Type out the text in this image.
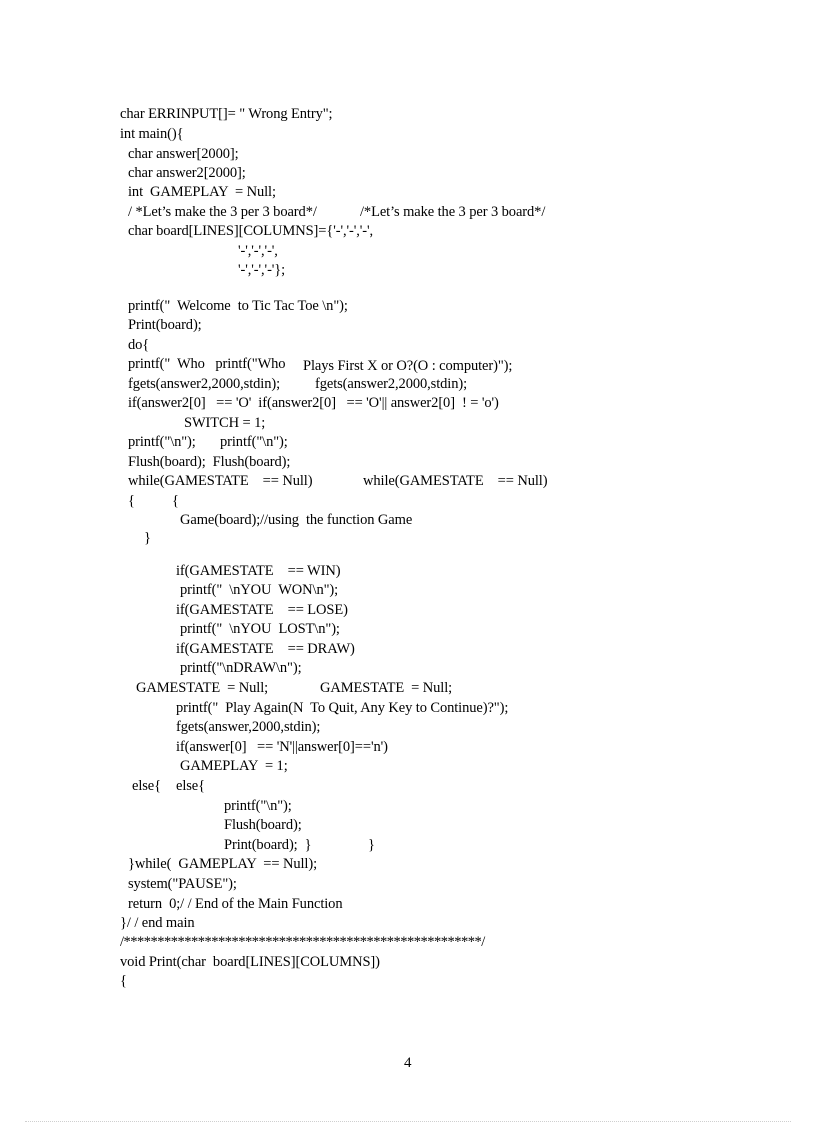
char ERRINPUT[]= " Wrong Entry";

int main(){

char answer[2000];

char answer2[2000];

int  GAMEPLAY  = Null;

/ *Let’s make the 3 per 3 board*/

	/*Let’s make the 3 per 3 board*/

char board[LINES][COLUMNS]={'-','-','-',

'-','-','-',

'-','-','-'};

printf("  Welcome  to Tic Tac Toe \n");

Print(board);

do{

printf("  Who   printf("Who

Plays First X or O?(O : computer)");

fgets(answer2,2000,stdin);

fgets(answer2,2000,stdin);

if(answer2[0]   == 'O'  if(answer2[0]   == 'O'|| answer2[0]  ! = 'o')

SWITCH = 1;

printf("\n");

printf("\n");

Flush(board);  Flush(board);

while(GAMESTATE    == Null)

	while(GAMESTATE    == Null)

{

	{

Game(board);//using  the function Game

}

if(GAMESTATE    == WIN)

printf("  \nYOU  WON\n");

if(GAMESTATE    == LOSE)

printf("  \nYOU  LOST\n");

if(GAMESTATE    == DRAW)

printf("\nDRAW\n");

GAMESTATE  = Null;

	GAMESTATE  = Null;

printf("  Play Again(N  To Quit, Any Key to Continue)?");

fgets(answer,2000,stdin);

if(answer[0]   == 'N'||answer[0]=='n')

GAMEPLAY  = 1;

else{

else{

printf("\n");

Flush(board);

Print(board);  }

	}

}while(  GAMEPLAY  == Null);

system("PAUSE");

return  0;/ / End of the Main Function

}/ / end main

/*****************************************************/

void Print(char  board[LINES][COLUMNS])

{

4
